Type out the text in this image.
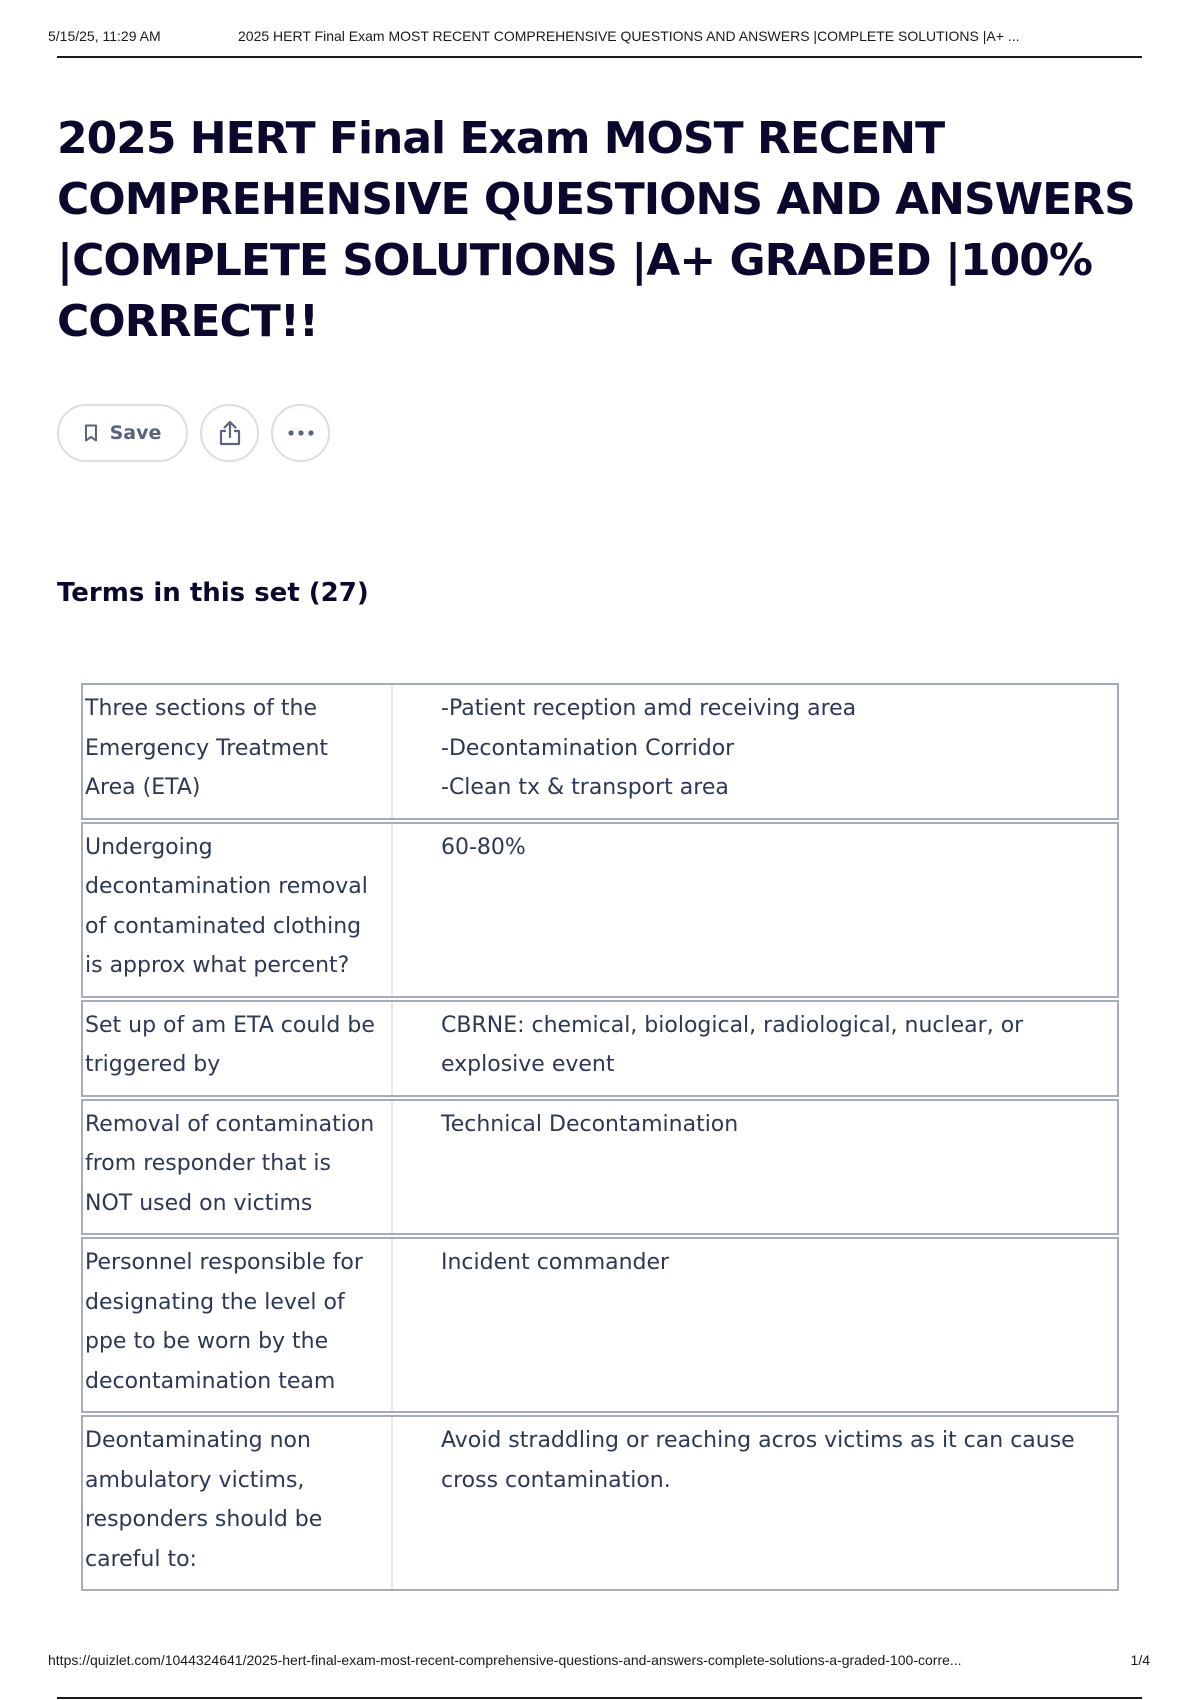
5/15/25, 11:29 AM	2025 HERT Final Exam MOST RECENT COMPREHENSIVE QUESTIONS AND ANSWERS |COMPLETE SOLUTIONS |A+ ...
2025 HERT Final Exam MOST RECENT COMPREHENSIVE QUESTIONS AND ANSWERS |COMPLETE SOLUTIONS |A+ GRADED |100% CORRECT!!
Save
Terms in this set (27)
Three sections of the Emergency Treatment Area (ETA)
-Patient reception amd receiving area
-Decontamination Corridor
-Clean tx & transport area
Undergoing decontamination removal of contaminated clothing is approx what percent?
60-80%
Set up of am ETA could be triggered by
CBRNE: chemical, biological, radiological, nuclear, or explosive event
Removal of contamination from responder that is NOT used on victims
Technical Decontamination
Personnel responsible for designating the level of ppe to be worn by the decontamination team
Incident commander
Deontaminating non ambulatory victims, responders should be careful to:
Avoid straddling or reaching acros victims as it can cause cross contamination.
https://quizlet.com/1044324641/2025-hert-final-exam-most-recent-comprehensive-questions-and-answers-complete-solutions-a-graded-100-corre...	1/4
